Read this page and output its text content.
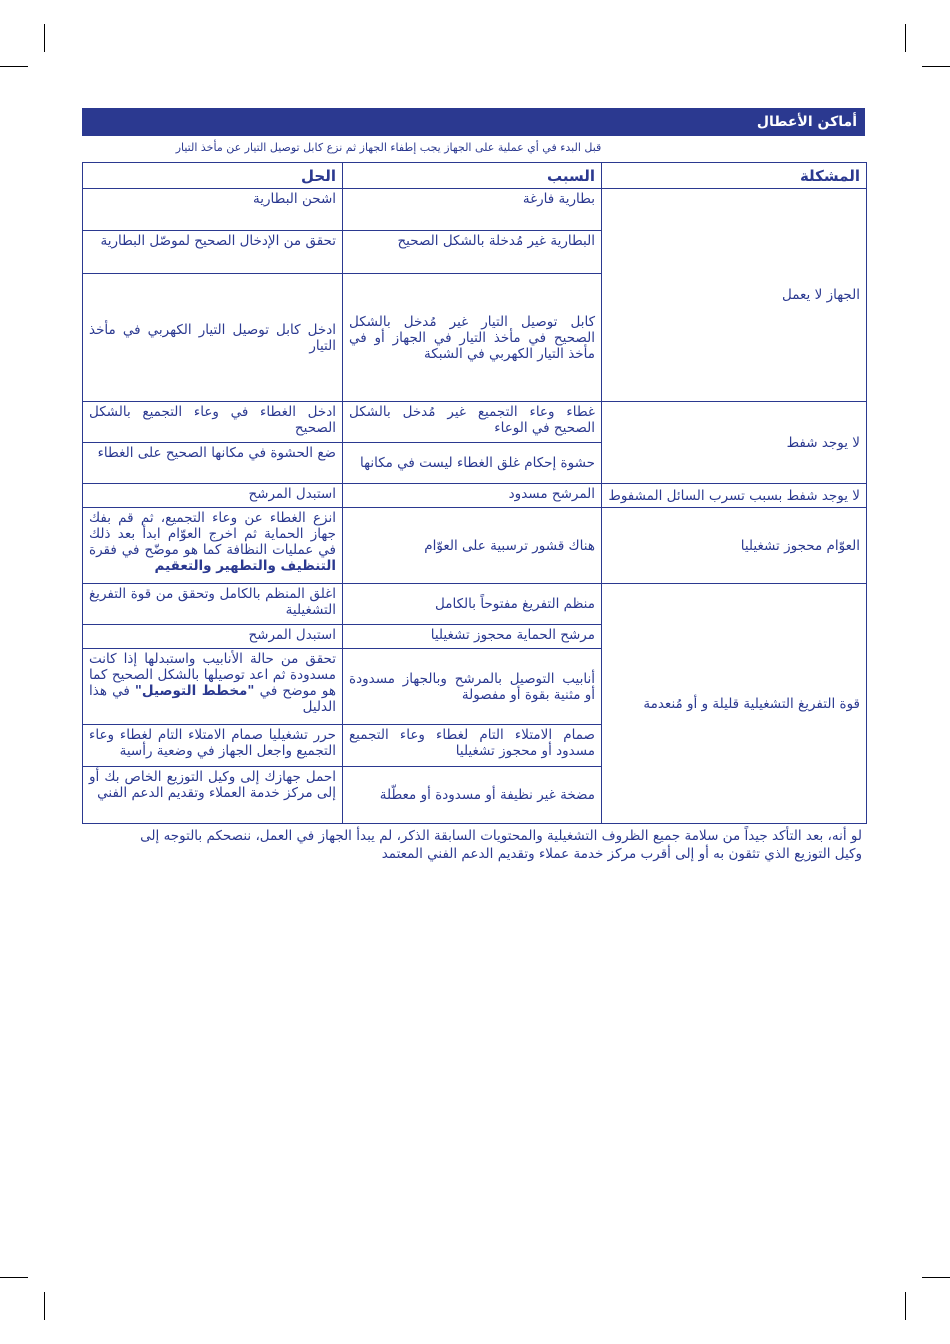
أماكن الأعطال
قبل البدء في أي عملية على الجهاز يجب إطفاء الجهاز ثم نزع كابل توصيل التيار عن مأخذ التيار
المشكلة	السبب	الحل
الجهاز لا يعمل	بطارية فارغة	اشحن البطارية
	البطارية غير مُدخلة بالشكل الصحيح	تحقق من الإدخال الصحيح لموصّل البطارية
	كابل توصيل التيار غير مُدخل بالشكل الصحيح في مأخذ التيار في الجهاز أو في مأخذ التيار الكهربي في الشبكة	ادخل كابل توصيل التيار الكهربي في مأخذ التيار
لا يوجد شفط	غطاء وعاء التجميع غير مُدخل بالشكل الصحيح في الوعاء	ادخل الغطاء في وعاء التجميع بالشكل الصحيح
	حشوة إحكام غلق الغطاء ليست في مكانها	ضع الحشوة في مكانها الصحيح على الغطاء
لا يوجد شفط بسبب تسرب السائل المشفوط	المرشح مسدود	استبدل المرشح
العوّام محجوز تشغيليا	هناك قشور ترسبية على العوّام	انزع الغطاء عن وعاء التجميع، ثم قم بفك جهاز الحماية ثم اخرج العوّام ابدأ بعد ذلك في عمليات النظافة كما هو موضّح في فقرة التنظيف والتطهير والتعقيم
قوة التفريغ التشغيلية قليلة و أو مُنعدمة	منظم التفريغ مفتوحاً بالكامل	اغلق المنظم بالكامل وتحقق من قوة التفريغ التشغيلية
	مرشح الحماية محجوز تشغيليا	استبدل المرشح
	أنابيب التوصيل بالمرشح وبالجهاز مسدودة أو مثنية بقوة أو مفصولة	تحقق من حالة الأنابيب واستبدلها إذا كانت مسدودة ثم اعد توصيلها بالشكل الصحيح كما هو موضح في "مخطط التوصيل" في هذا الدليل
	صمام الامتلاء التام لغطاء وعاء التجميع مسدود أو محجوز تشغيليا	حرر تشغيليا صمام الامتلاء التام لغطاء وعاء التجميع واجعل الجهاز في وضعية رأسية
	مضخة غير نظيفة أو مسدودة أو معطّلة	احمل جهازك إلى وكيل التوزيع الخاص بك أو إلى مركز خدمة العملاء وتقديم الدعم الفني
لو أنه، بعد التأكد جيداً من سلامة جميع الظروف التشغيلية والمحتويات السابقة الذكر، لم يبدأ الجهاز في العمل، ننصحكم بالتوجه إلى وكيل التوزيع الذي تثقون به أو إلى أقرب مركز خدمة عملاء وتقديم الدعم الفني المعتمد
